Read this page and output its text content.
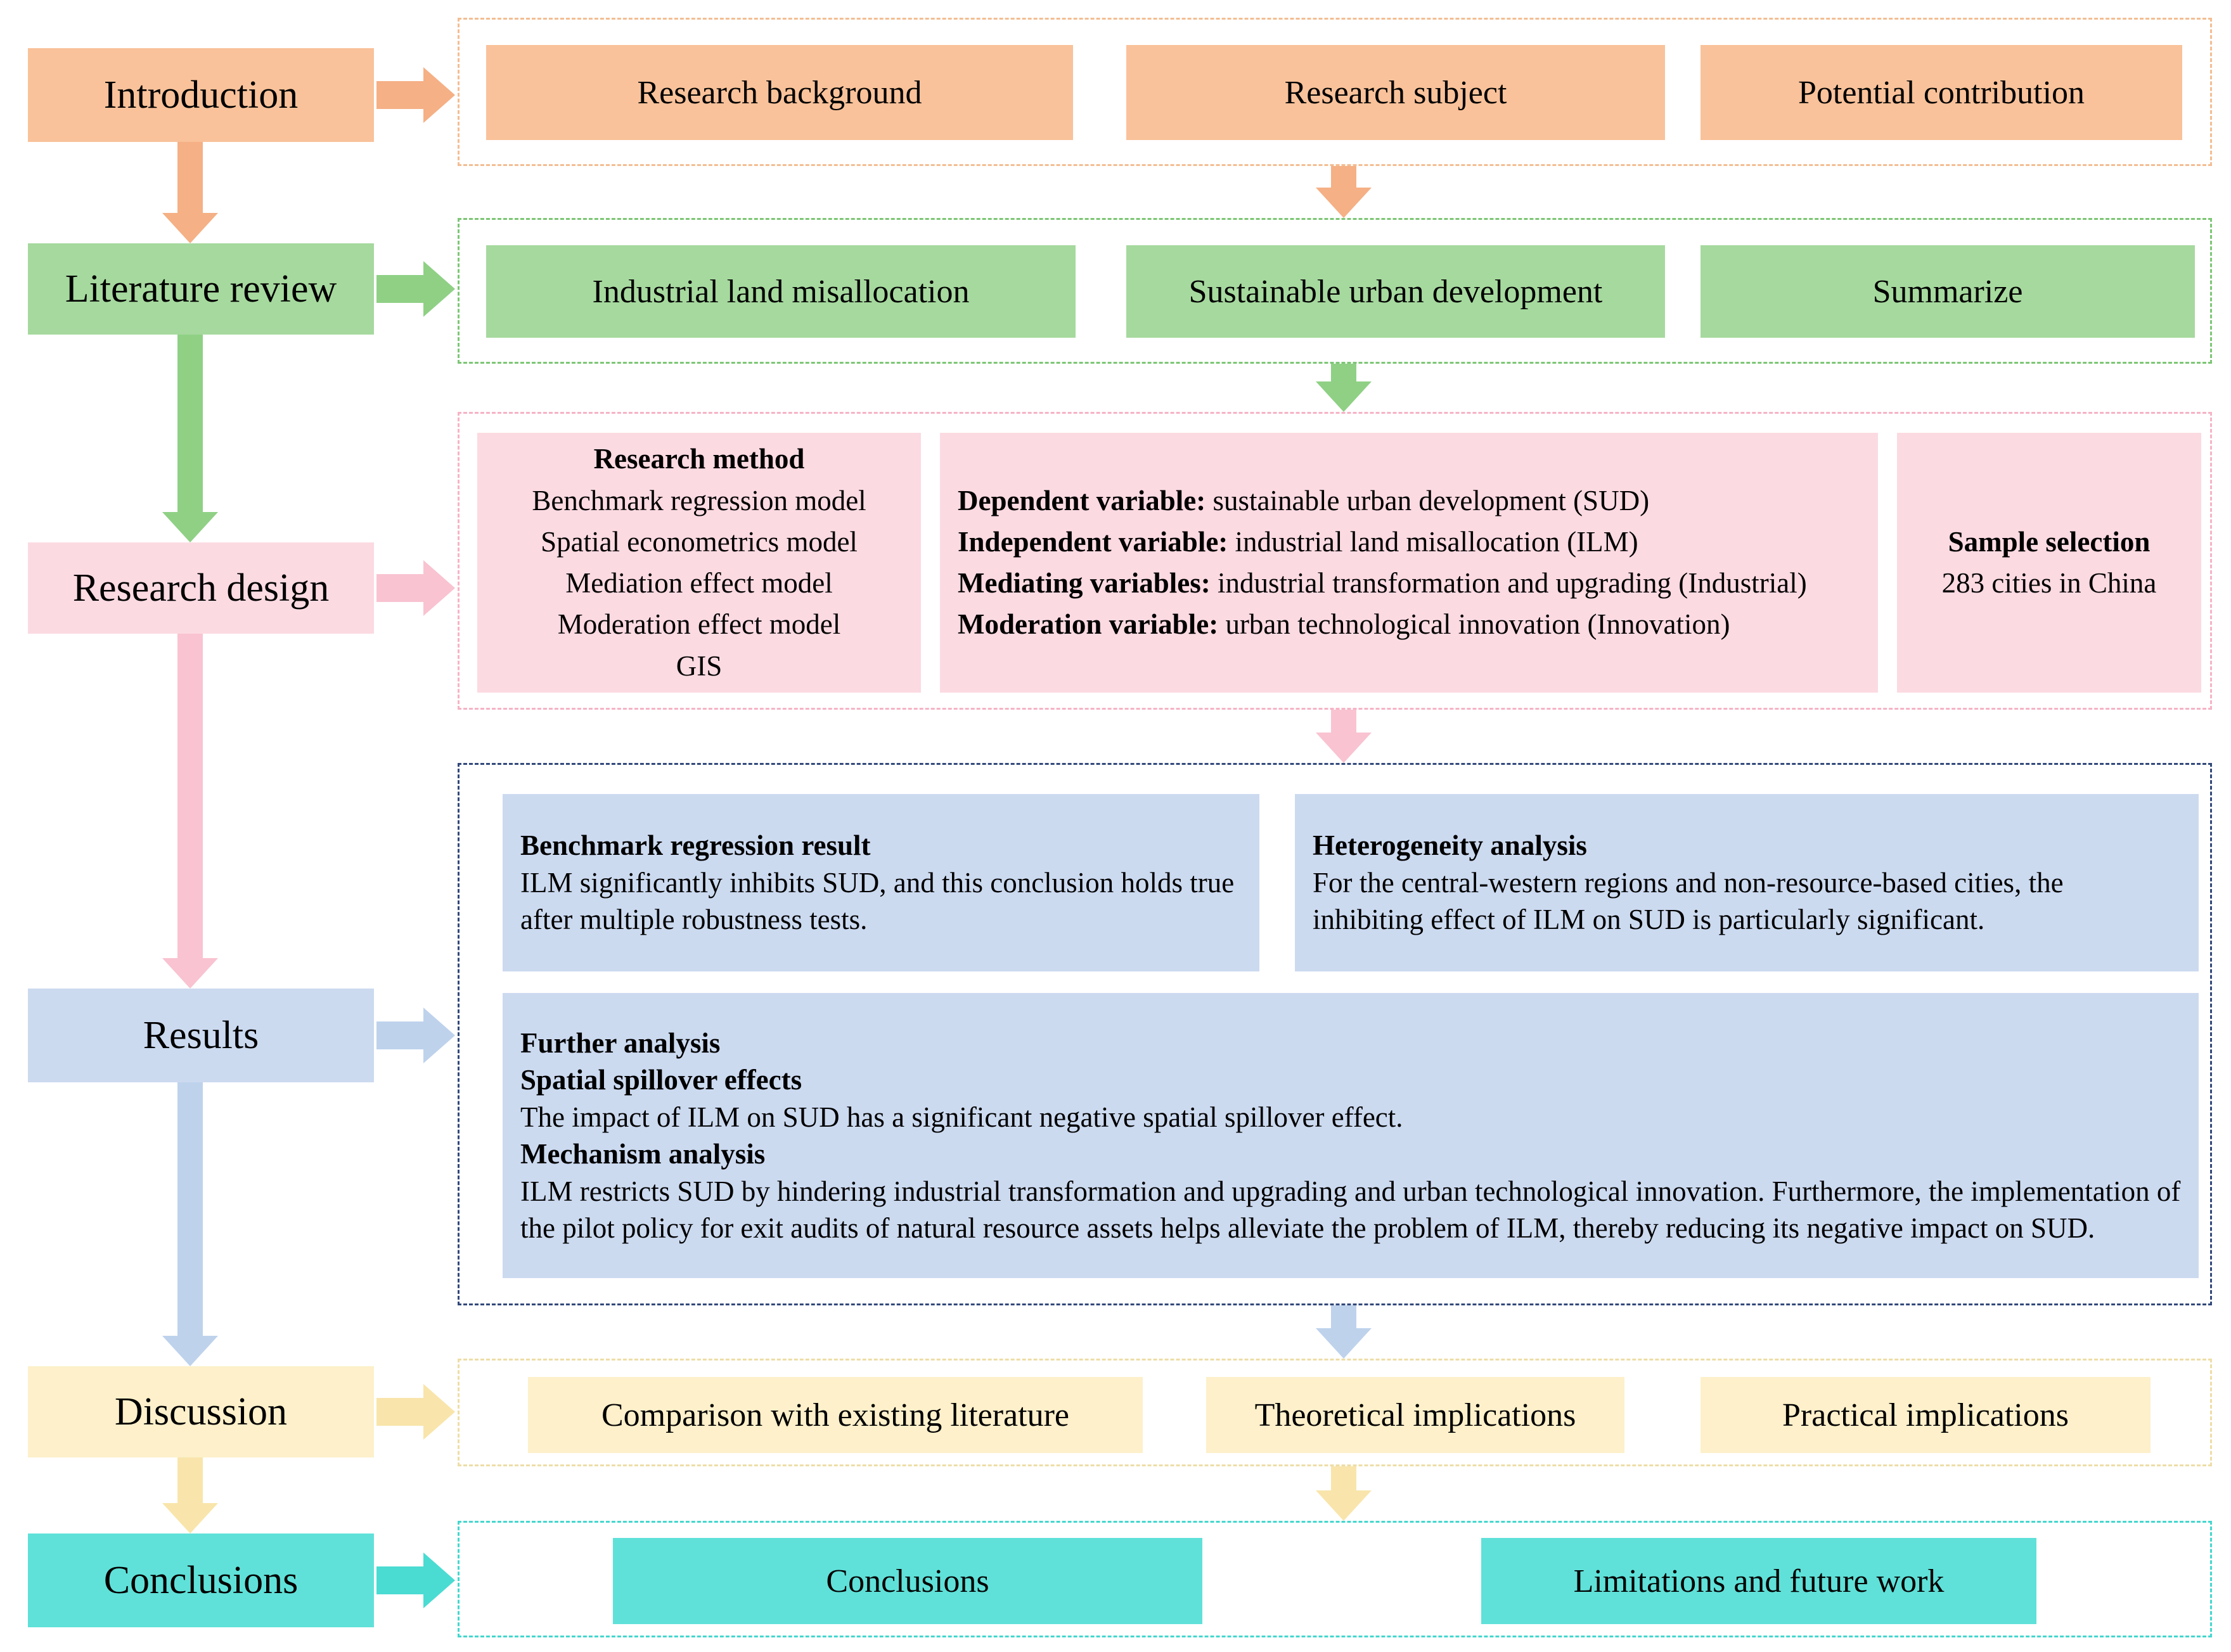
Introduction
Literature review
Research design
Results
Discussion
Conclusions
Research background	Research subject	Potential contribution
Industrial land misallocation	Sustainable urban development	Summarize

Research method

Benchmark regression model

Spatial econometrics model

Mediation effect model

Moderation effect model

GIS

Dependent variable: sustainable urban development (SUD)

Independent variable: industrial land misallocation (ILM)

Mediating variables: industrial transformation and upgrading (Industrial)

Moderation variable: urban technological innovation (Innovation)

Sample selection

283 cities in China

Benchmark regression result

ILM significantly inhibits SUD, and this conclusion holds true after multiple robustness tests.

Heterogeneity analysis

For the central-western regions and non-resource-based cities, the inhibiting effect of ILM on SUD is particularly significant.

Further analysis

Spatial spillover effects

The impact of ILM on SUD has a significant negative spatial spillover effect.

Mechanism analysis

ILM restricts SUD by hindering industrial transformation and upgrading and urban technological innovation. Furthermore, the implementation of the pilot policy for exit audits of natural resource assets helps alleviate the problem of ILM, thereby reducing its negative impact on SUD.

Comparison with existing literature	Theoretical implications	Practical implications
Conclusions	Limitations and future work
